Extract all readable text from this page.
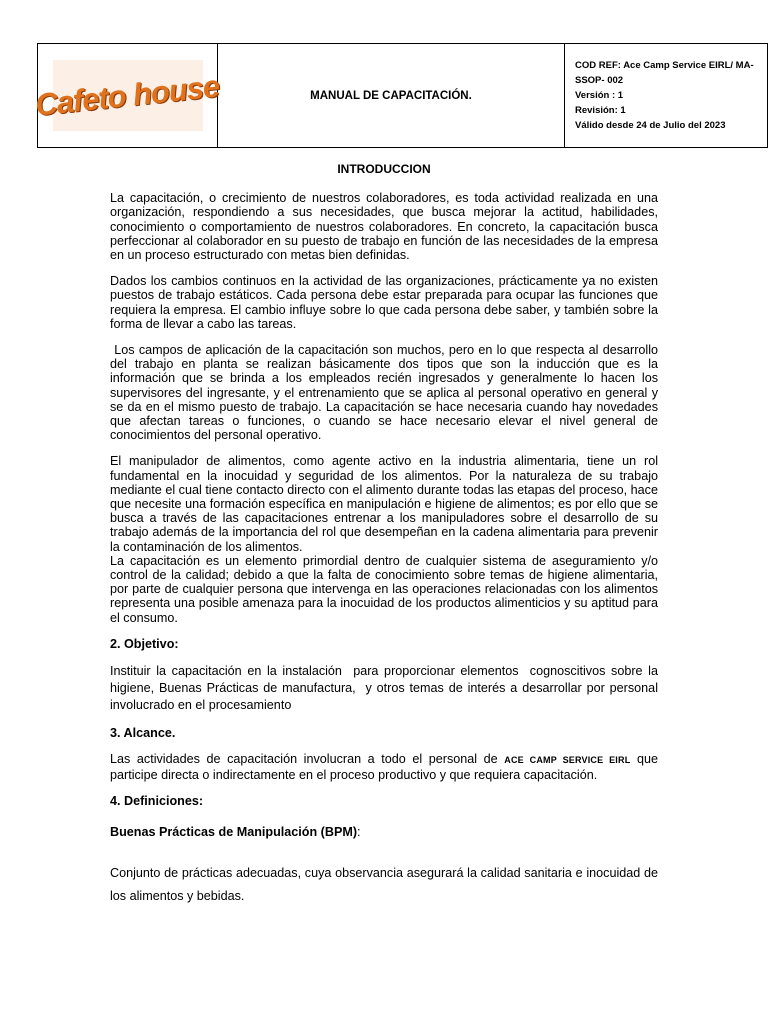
Cafeto house	MANUAL DE CAPACITACIÓN.
COD REF: Ace Camp Service EIRL/ MA-
SSOP- 002
Versión : 1
Revisión: 1
Válido desde 24 de Julio del 2023
INTRODUCCION

La capacitación, o crecimiento de nuestros colaboradores, es toda actividad realizada en una organización, respondiendo a sus necesidades, que busca mejorar la actitud, habilidades, conocimiento o comportamiento de nuestros colaboradores. En concreto, la capacitación busca perfeccionar al colaborador en su puesto de trabajo en función de las necesidades de la empresa en un proceso estructurado con metas bien definidas.

Dados los cambios continuos en la actividad de las organizaciones, prácticamente ya no existen puestos de trabajo estáticos. Cada persona debe estar preparada para ocupar las funciones que requiera la empresa. El cambio influye sobre lo que cada persona debe saber, y también sobre la forma de llevar a cabo las tareas.

Los campos de aplicación de la capacitación son muchos, pero en lo que respecta al desarrollo del trabajo en planta se realizan básicamente dos tipos que son la inducción que es la información que se brinda a los empleados recién ingresados y generalmente lo hacen los supervisores del ingresante, y el entrenamiento que se aplica al personal operativo en general y se da en el mismo puesto de trabajo. La capacitación se hace necesaria cuando hay novedades que afectan tareas o funciones, o cuando se hace necesario elevar el nivel general de conocimientos del personal operativo.

El manipulador de alimentos, como agente activo en la industria alimentaria, tiene un rol fundamental en la inocuidad y seguridad de los alimentos. Por la naturaleza de su trabajo mediante el cual tiene contacto directo con el alimento durante todas las etapas del proceso, hace que necesite una formación específica en manipulación e higiene de alimentos; es por ello que se busca a través de las capacitaciones entrenar a los manipuladores sobre el desarrollo de su trabajo además de la importancia del rol que desempeñan en la cadena alimentaria para prevenir la contaminación de los alimentos.

La capacitación es un elemento primordial dentro de cualquier sistema de aseguramiento y/o control de la calidad; debido a que la falta de conocimiento sobre temas de higiene alimentaria, por parte de cualquier persona que intervenga en las operaciones relacionadas con los alimentos representa una posible amenaza para la inocuidad de los productos alimenticios y su aptitud para el consumo.

2. Objetivo:

Instituir la capacitación en la instalación  para proporcionar elementos  cognoscitivos sobre la higiene, Buenas Prácticas de manufactura,  y otros temas de interés a desarrollar por personal involucrado en el procesamiento

3. Alcance.

Las actividades de capacitación involucran a todo el personal de ACE CAMP SERVICE EIRL que participe directa o indirectamente en el proceso productivo y que requiera capacitación.

4. Definiciones:
Buenas Prácticas de Manipulación (BPM):

Conjunto de prácticas adecuadas, cuya observancia asegurará la calidad sanitaria e inocuidad de los alimentos y bebidas.
